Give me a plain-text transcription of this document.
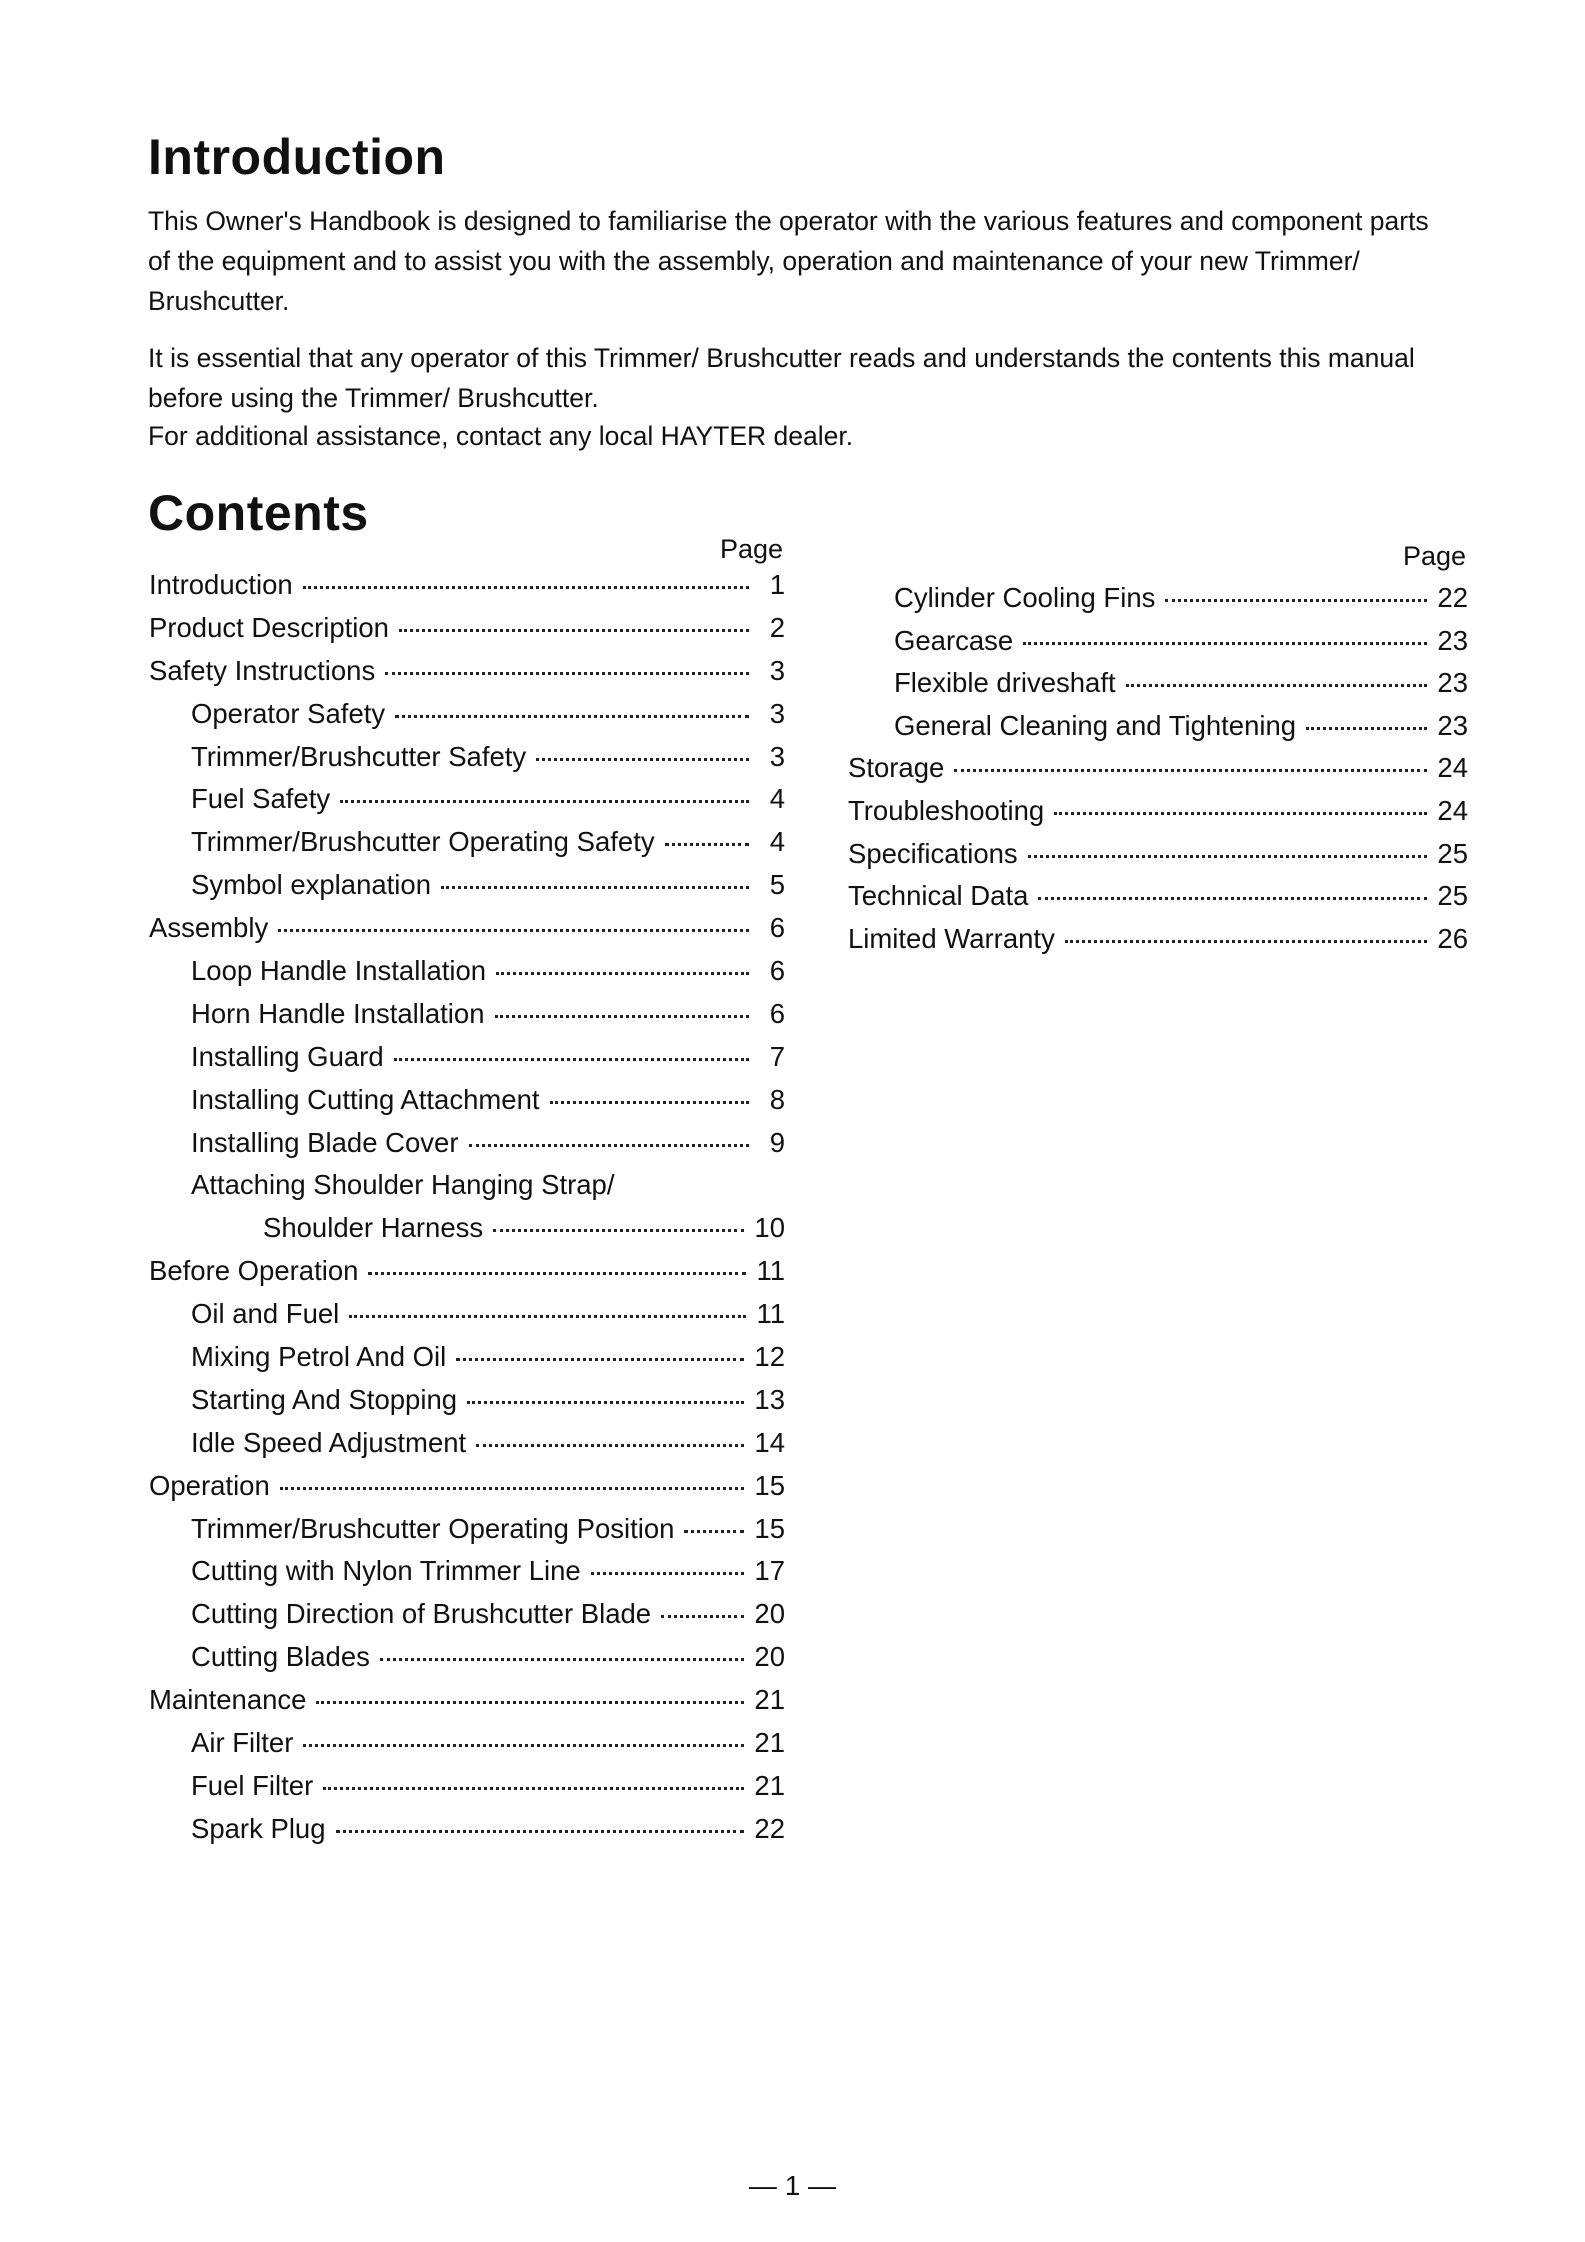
Introduction

This Owner's Handbook is designed to familiarise the operator with the various features and component parts of the equipment and to assist you with the assembly, operation and maintenance of your new Trimmer/ Brushcutter.

It is essential that any operator of this Trimmer/ Brushcutter reads and understands the contents this manual before using the Trimmer/ Brushcutter.

For additional assistance, contact any local HAYTER dealer.

Contents
Page
Introduction	1
Product Description	2
Safety Instructions	3
Operator Safety	3
Trimmer/Brushcutter Safety	3
Fuel Safety	4
Trimmer/Brushcutter Operating Safety	4
Symbol explanation	5
Assembly	6
Loop Handle Installation	6
Horn Handle Installation	6
Installing Guard	7
Installing Cutting Attachment	8
Installing Blade Cover	9
Attaching Shoulder Hanging Strap/
Shoulder Harness	10
Before Operation	11
Oil and Fuel	11
Mixing Petrol And Oil	12
Starting And Stopping	13
Idle Speed Adjustment	14
Operation	15
Trimmer/Brushcutter Operating Position	15
Cutting with Nylon Trimmer Line	17
Cutting Direction of Brushcutter Blade	20
Cutting Blades	20
Maintenance	21
Air Filter	21
Fuel Filter	21
Spark Plug	22
Page
Cylinder Cooling Fins	22
Gearcase	23
Flexible driveshaft	23
General Cleaning and Tightening	23
Storage	24
Troubleshooting	24
Specifications	25
Technical Data	25
Limited Warranty	26
— 1 —
